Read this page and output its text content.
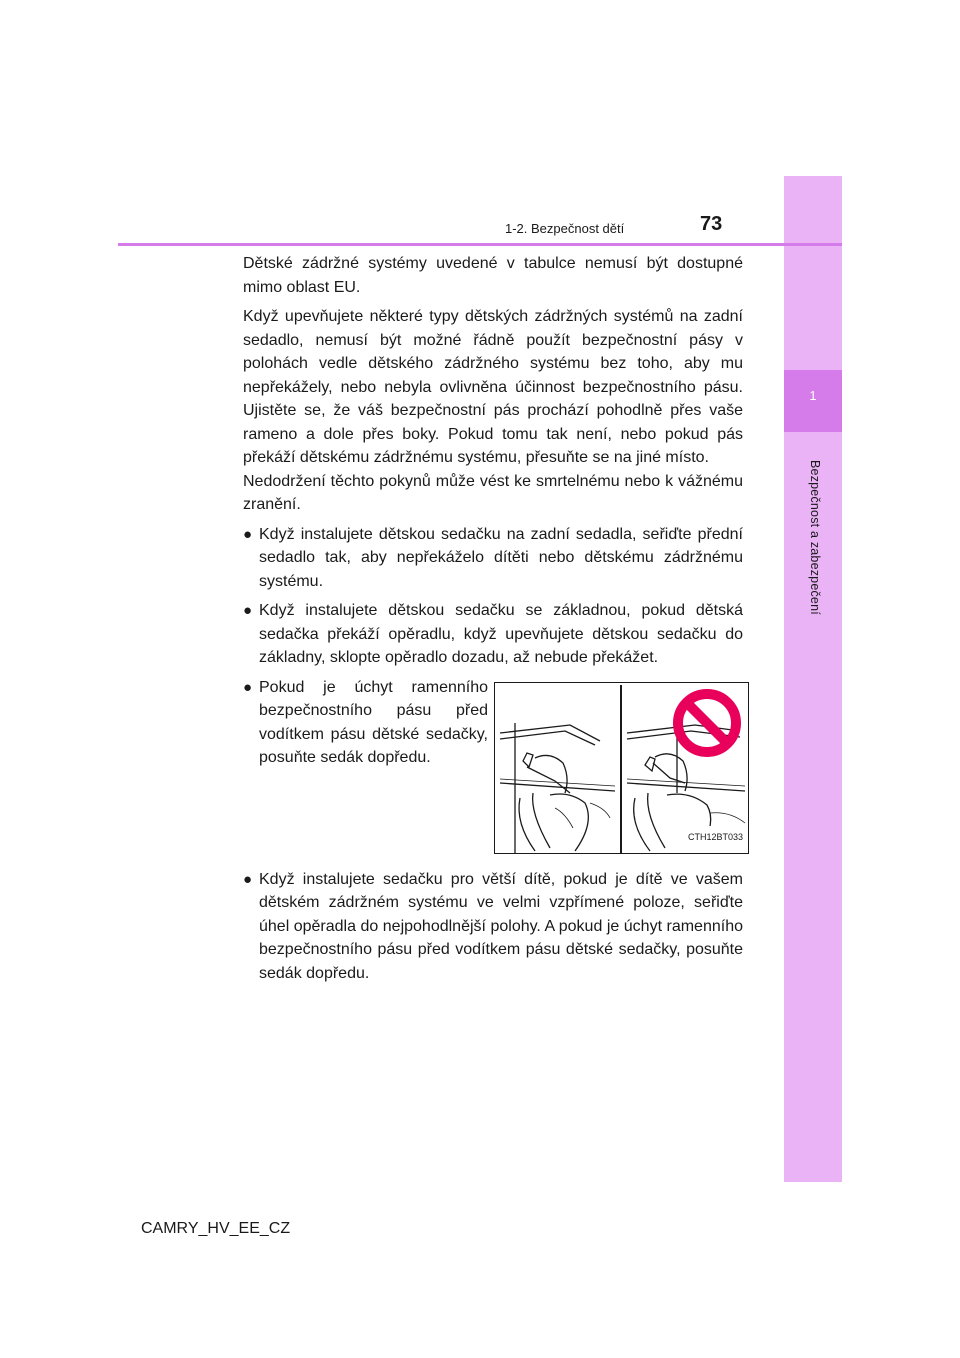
1
Bezpečnost a zabezpečení
1-2. Bezpečnost dětí	73

Dětské zádržné systémy uvedené v tabulce nemusí být dostupné mimo oblast EU.

Když upevňujete některé typy dětských zádržných systémů na zadní sedadlo, nemusí být možné řádně použít bezpečnostní pásy v polohách vedle dětského zádržného systému bez toho, aby mu nepřekážely, nebo nebyla ovlivněna účinnost bezpečnostního pásu. Ujistěte se, že váš bezpečnostní pás prochází pohodlně přes vaše rameno a dole přes boky. Pokud tomu tak není, nebo pokud pás překáží dětskému zádržnému systému, přesuňte se na jiné místo.

Nedodržení těchto pokynů může vést ke smrtelnému nebo k vážnému zranění.

● Když instalujete dětskou sedačku na zadní sedadla, seřiďte přední sedadlo tak, aby nepřekáželo dítěti nebo dětskému zádržnému systému.
● Když instalujete dětskou sedačku se základnou, pokud dětská sedačka překáží opěradlu, když upevňujete dětskou sedačku do základny, sklopte opěradlo dozadu, až nebude překážet.
● Pokud je úchyt ramenního bezpečnostního pásu před vodítkem pásu dětské sedačky, posuňte sedák dopředu.
CTH12BT033
● Když instalujete sedačku pro větší dítě, pokud je dítě ve vašem dětském zádržném systému ve velmi vzpřímené poloze, seřiďte úhel opěradla do nejpohodlnější polohy. A pokud je úchyt ramenního bezpečnostního pásu před vodítkem pásu dětské sedačky, posuňte sedák dopředu.
CAMRY_HV_EE_CZ
